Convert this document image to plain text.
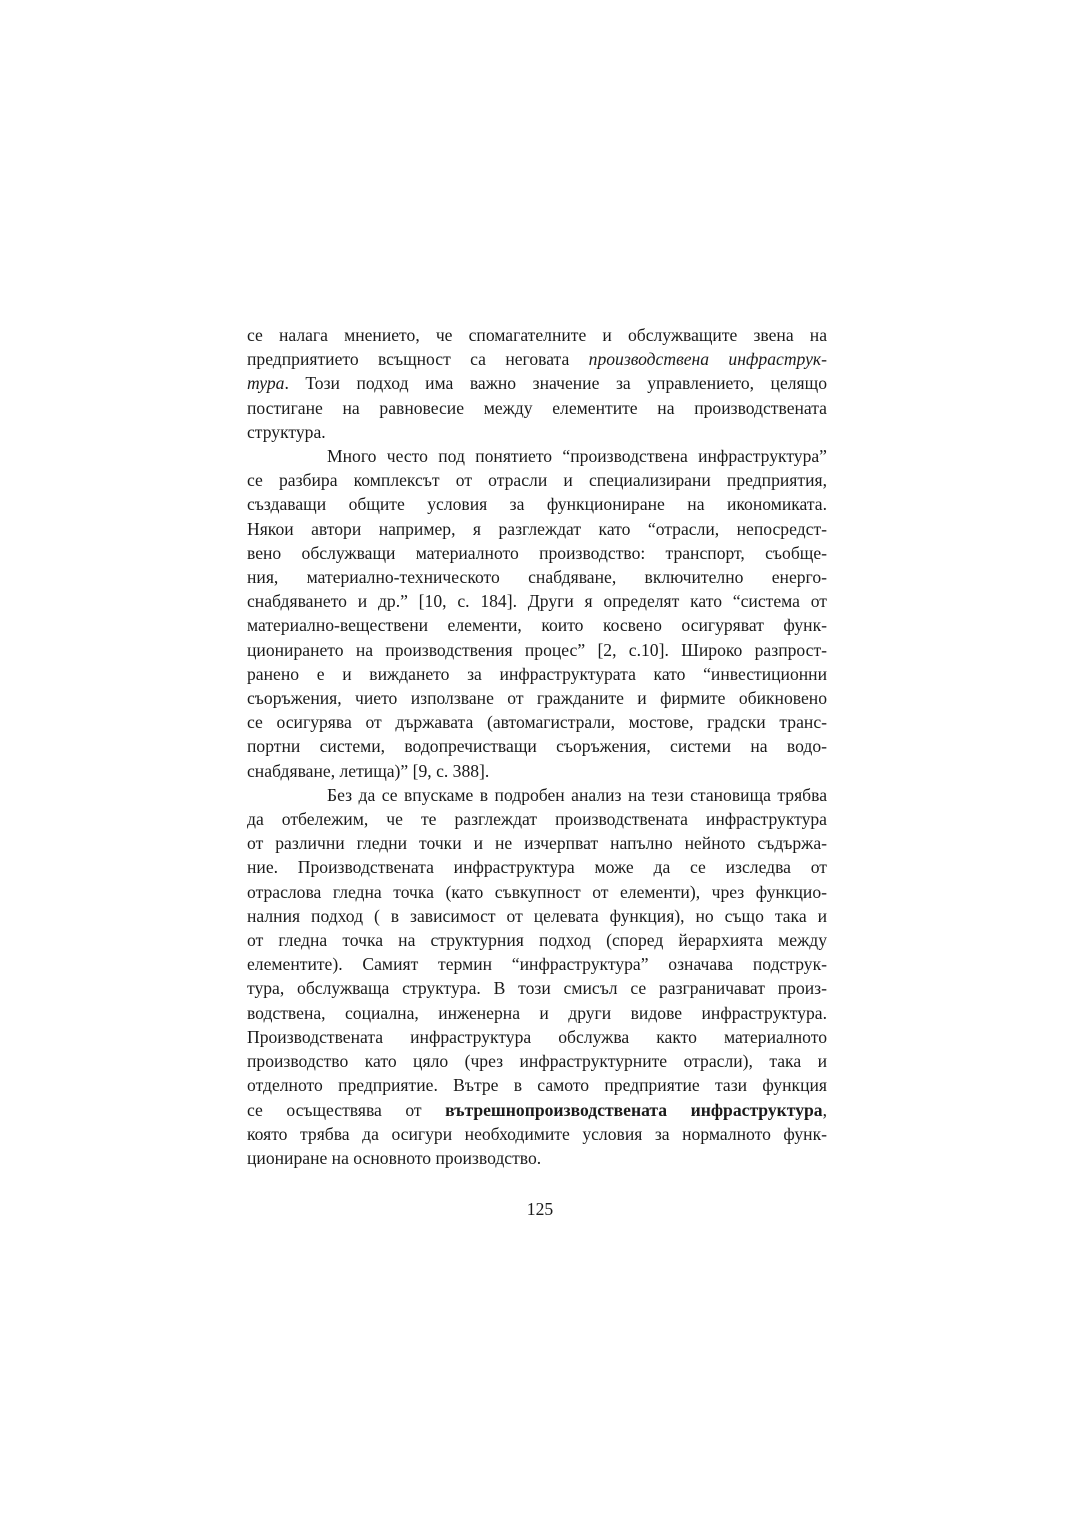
се налага мнението, че спомагателните и обслужващите звена на
предприятието всъщност са неговата производствена инфраструк-
тура. Този подход има важно значение за управлението, целящо
постигане на равновесие между елементите на производствената
структура.
Много често под понятието “производствена инфраструктура”
се разбира комплексът от отрасли и специализирани предприятия,
създаващи общите условия за функциониране на икономиката.
Някои автори например, я разглеждат като “отрасли, непосредст-
вено обслужващи материалното производство: транспорт, съобще-
ния, материално-техническото снабдяване, включително енерго-
снабдяването и др.” [10, с. 184]. Други я определят като “система от
материално-веществени елементи, които косвено осигуряват функ-
ционирането на производствения процес” [2, с.10]. Широко разпрост-
ранено е и виждането за инфраструктурата като “инвестиционни
съоръжения, чието използване от гражданите и фирмите обикновено
се осигурява от държавата (автомагистрали, мостове, градски транс-
портни системи, водопречистващи съоръжения, системи на водо-
снабдяване, летища)” [9, с. 388].
Без да се впускаме в подробен анализ на тези становища трябва
да отбележим, че те разглеждат производствената инфраструктура
от различни гледни точки и не изчерпват напълно нейното съдържа-
ние. Производствената инфраструктура може да се изследва от
отраслова гледна точка (като съвкупност от елементи), чрез функцио-
налния подход ( в зависимост от целевата функция), но също така и
от гледна точка на структурния подход (според йерархията между
елементите). Самият термин “инфраструктура” означава подструк-
тура, обслужваща структура. В този смисъл се разграничават произ-
водствена, социална, инженерна и други видове инфраструктура.
Производствената инфраструктура обслужва както материалното
производство като цяло (чрез инфраструктурните отрасли), така и
отделното предприятие. Вътре в самото предприятие тази функция
се осъществява от вътрешнопроизводствената инфраструктура,
която трябва да осигури необходимите условия за нормалното функ-
циониране на основното производство.
125
